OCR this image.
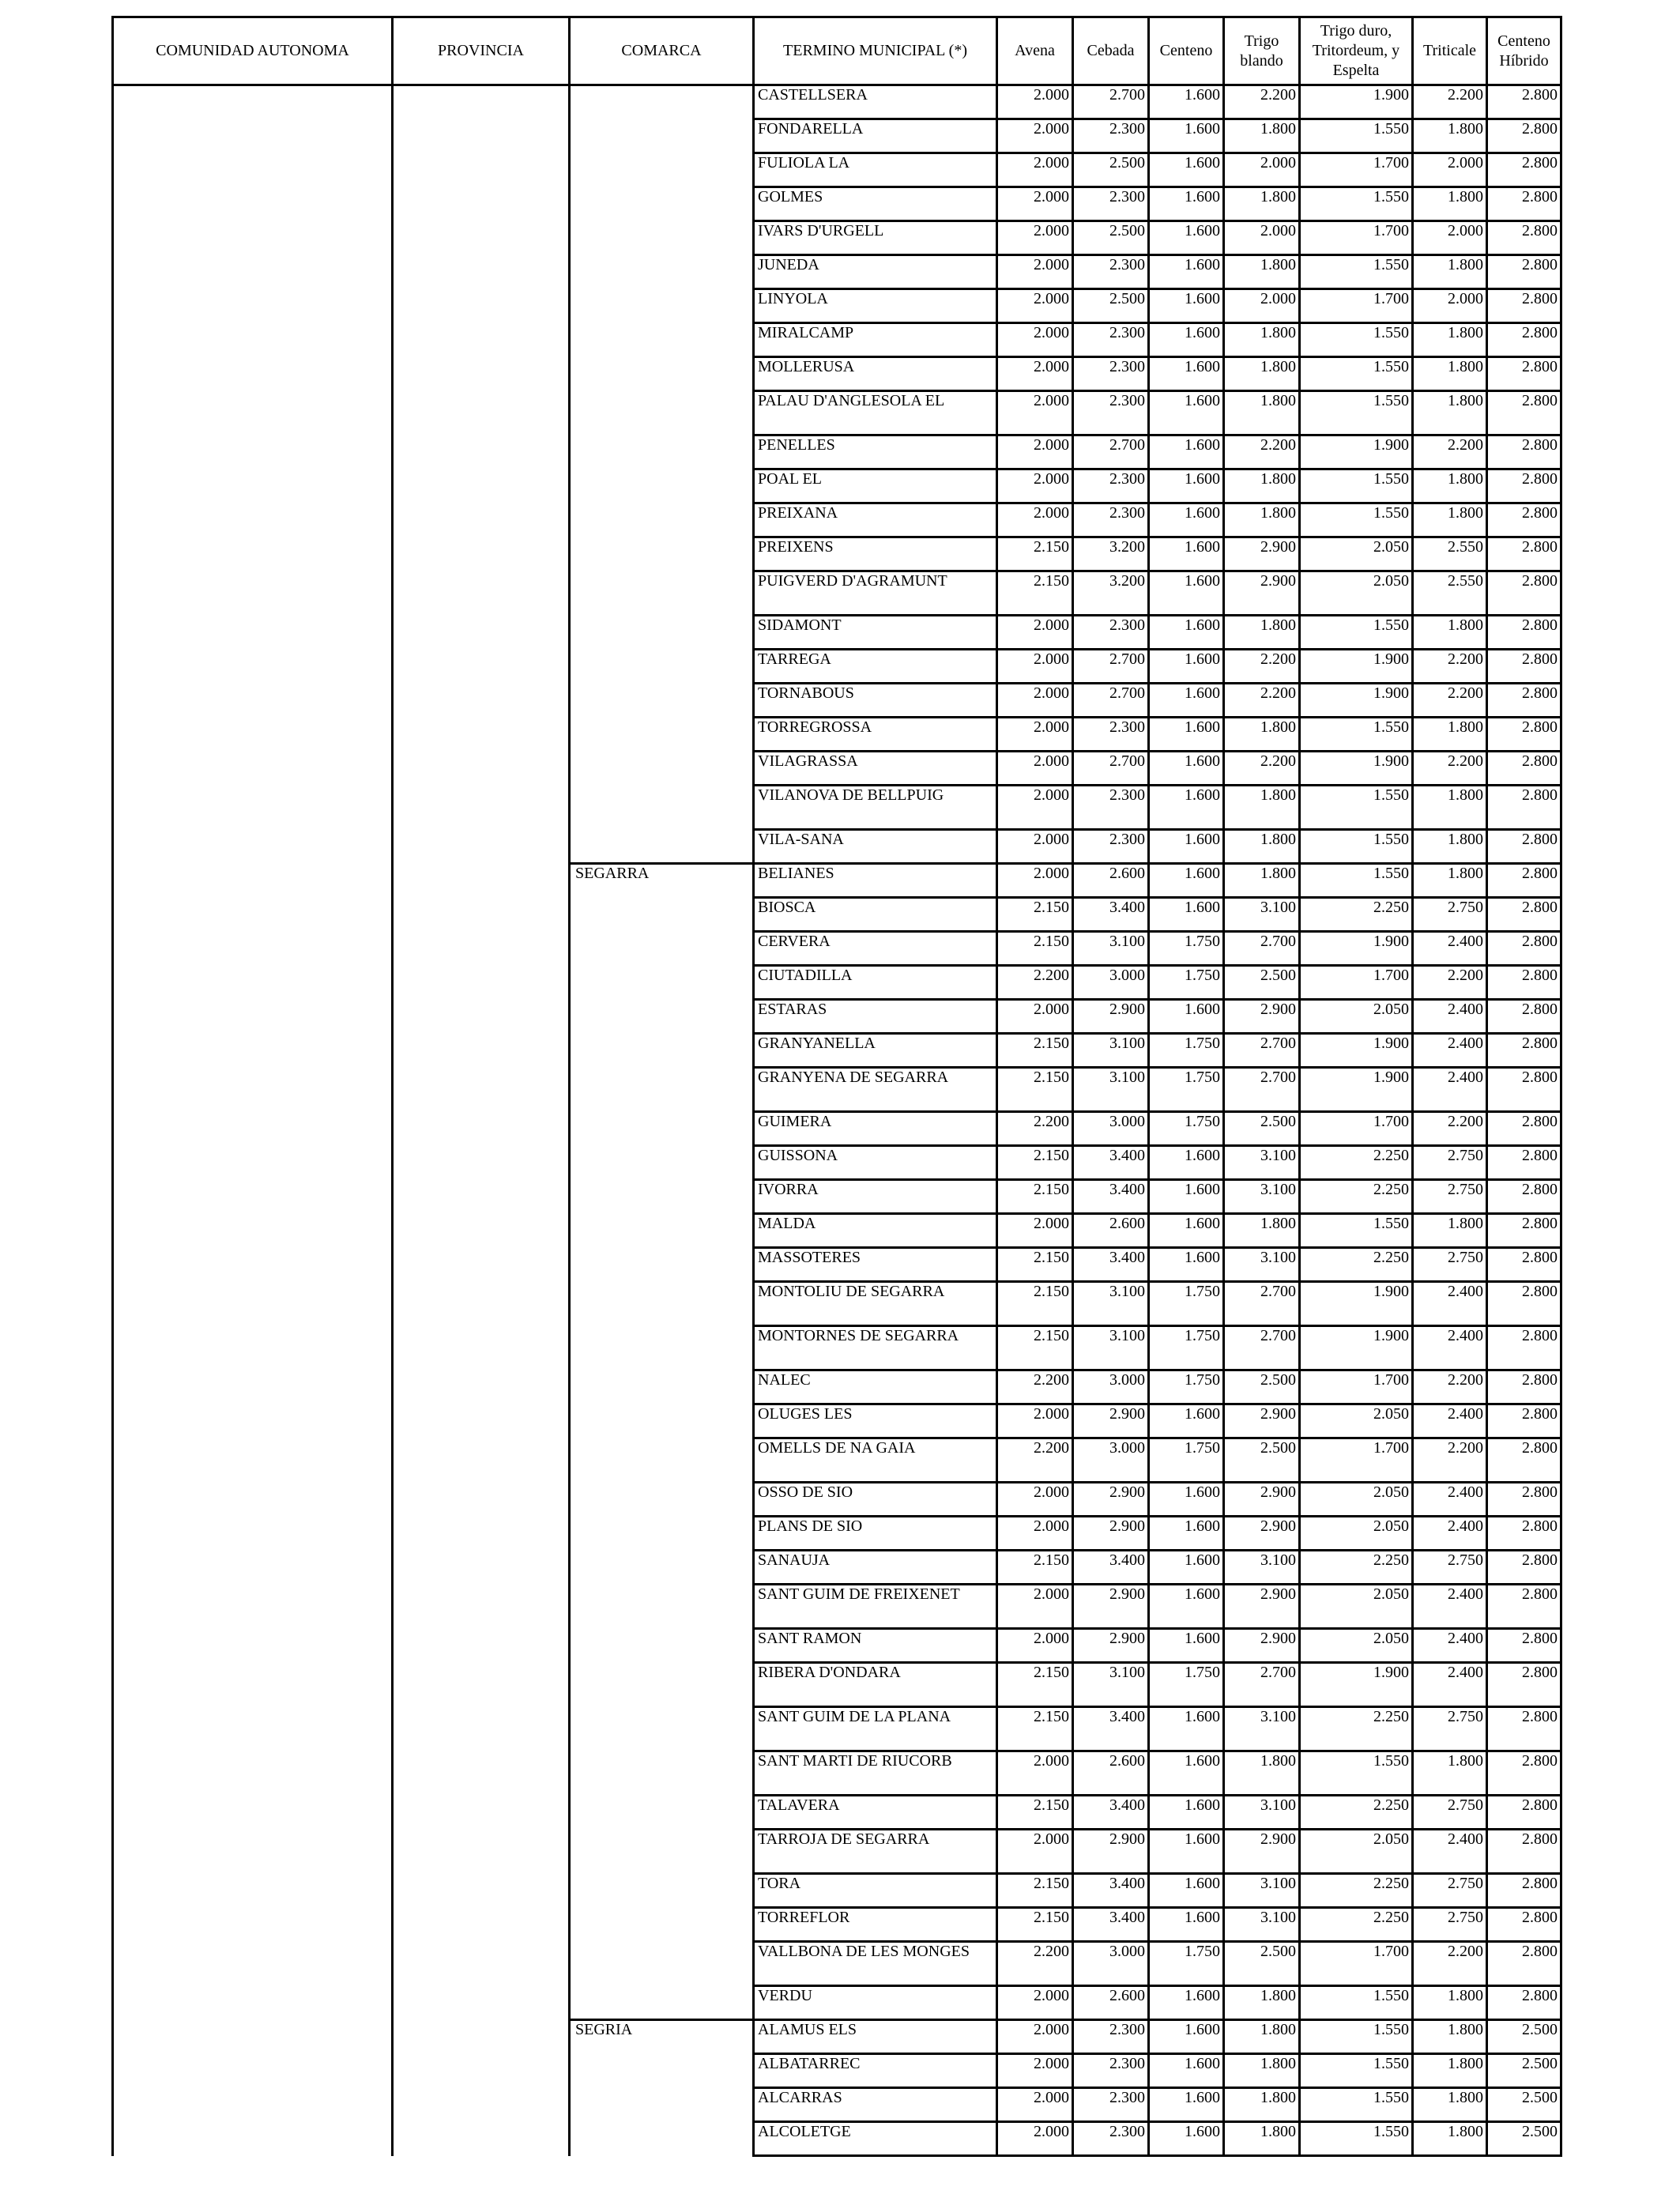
COMUNIDAD AUTONOMA	PROVINCIA	COMARCA	TERMINO MUNICIPAL (*)	Avena	Cebada	Centeno	Trigo blando	Trigo duro, Tritordeum, y Espelta	Triticale	Centeno Híbrido
			CASTELLSERA	2.000	2.700	1.600	2.200	1.900	2.200	2.800
			FONDARELLA	2.000	2.300	1.600	1.800	1.550	1.800	2.800
			FULIOLA LA	2.000	2.500	1.600	2.000	1.700	2.000	2.800
			GOLMES	2.000	2.300	1.600	1.800	1.550	1.800	2.800
			IVARS D'URGELL	2.000	2.500	1.600	2.000	1.700	2.000	2.800
			JUNEDA	2.000	2.300	1.600	1.800	1.550	1.800	2.800
			LINYOLA	2.000	2.500	1.600	2.000	1.700	2.000	2.800
			MIRALCAMP	2.000	2.300	1.600	1.800	1.550	1.800	2.800
			MOLLERUSA	2.000	2.300	1.600	1.800	1.550	1.800	2.800
			PALAU D'ANGLESOLA EL	2.000	2.300	1.600	1.800	1.550	1.800	2.800
			PENELLES	2.000	2.700	1.600	2.200	1.900	2.200	2.800
			POAL EL	2.000	2.300	1.600	1.800	1.550	1.800	2.800
			PREIXANA	2.000	2.300	1.600	1.800	1.550	1.800	2.800
			PREIXENS	2.150	3.200	1.600	2.900	2.050	2.550	2.800
			PUIGVERD D'AGRAMUNT	2.150	3.200	1.600	2.900	2.050	2.550	2.800
			SIDAMONT	2.000	2.300	1.600	1.800	1.550	1.800	2.800
			TARREGA	2.000	2.700	1.600	2.200	1.900	2.200	2.800
			TORNABOUS	2.000	2.700	1.600	2.200	1.900	2.200	2.800
			TORREGROSSA	2.000	2.300	1.600	1.800	1.550	1.800	2.800
			VILAGRASSA	2.000	2.700	1.600	2.200	1.900	2.200	2.800
			VILANOVA DE BELLPUIG	2.000	2.300	1.600	1.800	1.550	1.800	2.800
			VILA-SANA	2.000	2.300	1.600	1.800	1.550	1.800	2.800
		SEGARRA	BELIANES	2.000	2.600	1.600	1.800	1.550	1.800	2.800
			BIOSCA	2.150	3.400	1.600	3.100	2.250	2.750	2.800
			CERVERA	2.150	3.100	1.750	2.700	1.900	2.400	2.800
			CIUTADILLA	2.200	3.000	1.750	2.500	1.700	2.200	2.800
			ESTARAS	2.000	2.900	1.600	2.900	2.050	2.400	2.800
			GRANYANELLA	2.150	3.100	1.750	2.700	1.900	2.400	2.800
			GRANYENA DE SEGARRA	2.150	3.100	1.750	2.700	1.900	2.400	2.800
			GUIMERA	2.200	3.000	1.750	2.500	1.700	2.200	2.800
			GUISSONA	2.150	3.400	1.600	3.100	2.250	2.750	2.800
			IVORRA	2.150	3.400	1.600	3.100	2.250	2.750	2.800
			MALDA	2.000	2.600	1.600	1.800	1.550	1.800	2.800
			MASSOTERES	2.150	3.400	1.600	3.100	2.250	2.750	2.800
			MONTOLIU DE SEGARRA	2.150	3.100	1.750	2.700	1.900	2.400	2.800
			MONTORNES DE SEGARRA	2.150	3.100	1.750	2.700	1.900	2.400	2.800
			NALEC	2.200	3.000	1.750	2.500	1.700	2.200	2.800
			OLUGES LES	2.000	2.900	1.600	2.900	2.050	2.400	2.800
			OMELLS DE NA GAIA	2.200	3.000	1.750	2.500	1.700	2.200	2.800
			OSSO DE SIO	2.000	2.900	1.600	2.900	2.050	2.400	2.800
			PLANS DE SIO	2.000	2.900	1.600	2.900	2.050	2.400	2.800
			SANAUJA	2.150	3.400	1.600	3.100	2.250	2.750	2.800
			SANT GUIM DE FREIXENET	2.000	2.900	1.600	2.900	2.050	2.400	2.800
			SANT RAMON	2.000	2.900	1.600	2.900	2.050	2.400	2.800
			RIBERA D'ONDARA	2.150	3.100	1.750	2.700	1.900	2.400	2.800
			SANT GUIM DE LA PLANA	2.150	3.400	1.600	3.100	2.250	2.750	2.800
			SANT MARTI DE RIUCORB	2.000	2.600	1.600	1.800	1.550	1.800	2.800
			TALAVERA	2.150	3.400	1.600	3.100	2.250	2.750	2.800
			TARROJA DE SEGARRA	2.000	2.900	1.600	2.900	2.050	2.400	2.800
			TORA	2.150	3.400	1.600	3.100	2.250	2.750	2.800
			TORREFLOR	2.150	3.400	1.600	3.100	2.250	2.750	2.800
			VALLBONA DE LES MONGES	2.200	3.000	1.750	2.500	1.700	2.200	2.800
			VERDU	2.000	2.600	1.600	1.800	1.550	1.800	2.800
		SEGRIA	ALAMUS ELS	2.000	2.300	1.600	1.800	1.550	1.800	2.500
			ALBATARREC	2.000	2.300	1.600	1.800	1.550	1.800	2.500
			ALCARRAS	2.000	2.300	1.600	1.800	1.550	1.800	2.500
			ALCOLETGE	2.000	2.300	1.600	1.800	1.550	1.800	2.500
